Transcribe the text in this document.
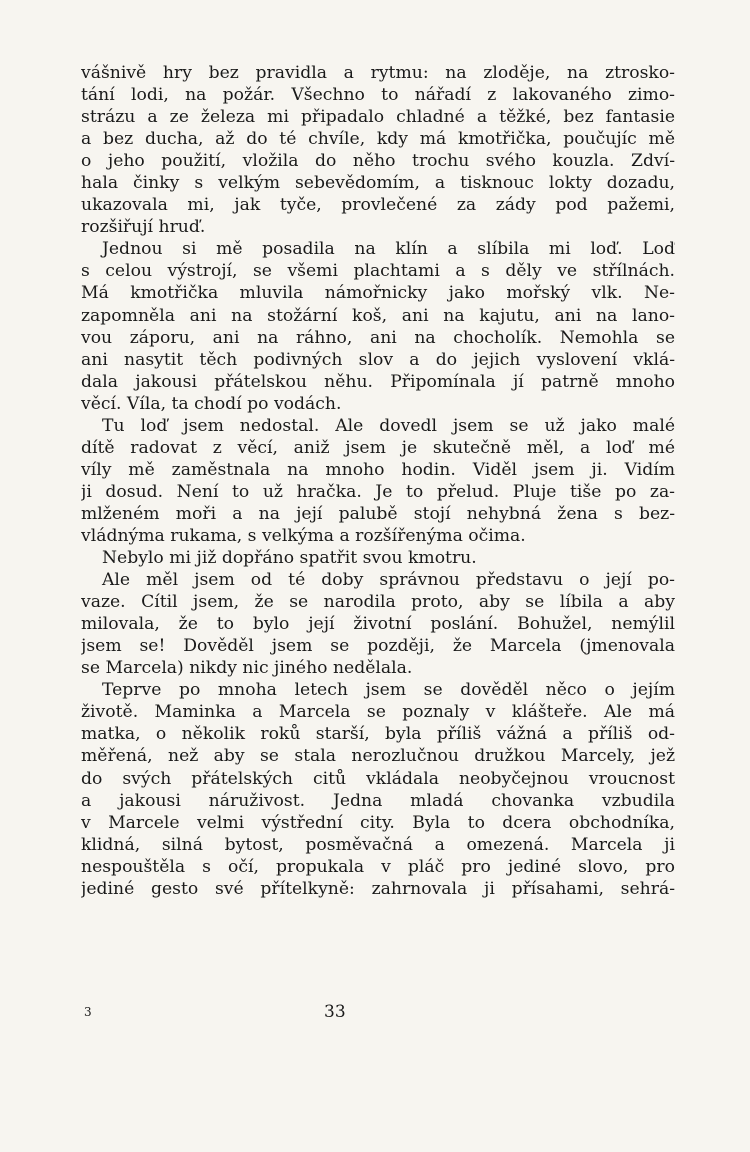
vášnivě hry bez pravidla a rytmu: na zloděje, na ztrosko-
tání lodi, na požár. Všechno to nářadí z lakovaného zimo-
strázu a ze železa mi připadalo chladné a těžké, bez fantasie
a bez ducha, až do té chvíle, kdy má kmotřička, poučujíc mě
o jeho použití, vložila do něho trochu svého kouzla. Zdví-
hala činky s velkým sebevědomím, a tisknouc lokty dozadu,
ukazovala mi, jak tyče, provlečené za zády pod pažemi,
rozšiřují hruď.
Jednou si mě posadila na klín a slíbila mi loď. Loď
s celou výstrojí, se všemi plachtami a s děly ve střílnách.
Má kmotřička mluvila námořnicky jako mořský vlk. Ne-
zapomněla ani na stožární koš, ani na kajutu, ani na lano-
vou záporu, ani na ráhno, ani na chocholík. Nemohla se
ani nasytit těch podivných slov a do jejich vyslovení vklá-
dala jakousi přátelskou něhu. Připomínala jí patrně mnoho
věcí. Víla, ta chodí po vodách.
Tu loď jsem nedostal. Ale dovedl jsem se už jako malé
dítě radovat z věcí, aniž jsem je skutečně měl, a loď mé
víly mě zaměstnala na mnoho hodin. Viděl jsem ji. Vidím
ji dosud. Není to už hračka. Je to přelud. Pluje tiše po za-
mlženém moři a na její palubě stojí nehybná žena s bez-
vládnýma rukama, s velkýma a rozšířenýma očima.
Nebylo mi již dopřáno spatřit svou kmotru.
Ale měl jsem od té doby správnou představu o její po-
vaze. Cítil jsem, že se narodila proto, aby se líbila a aby
milovala, že to bylo její životní poslání. Bohužel, nemýlil
jsem se! Dověděl jsem se později, že Marcela (jmenovala
se Marcela) nikdy nic jiného nedělala.
Teprve po mnoha letech jsem se dověděl něco o jejím
životě. Maminka a Marcela se poznaly v klášteře. Ale má
matka, o několik roků starší, byla příliš vážná a příliš od-
měřená, než aby se stala nerozlučnou družkou Marcely, jež
do svých přátelských citů vkládala neobyčejnou vroucnost
a jakousi náruživost. Jedna mladá chovanka vzbudila
v Marcele velmi výstřední city. Byla to dcera obchodníka,
klidná, silná bytost, posměvačná a omezená. Marcela ji
nespouštěla s očí, propukala v pláč pro jediné slovo, pro
jediné gesto své přítelkyně: zahrnovala ji přísahami, sehrá-
3	33
